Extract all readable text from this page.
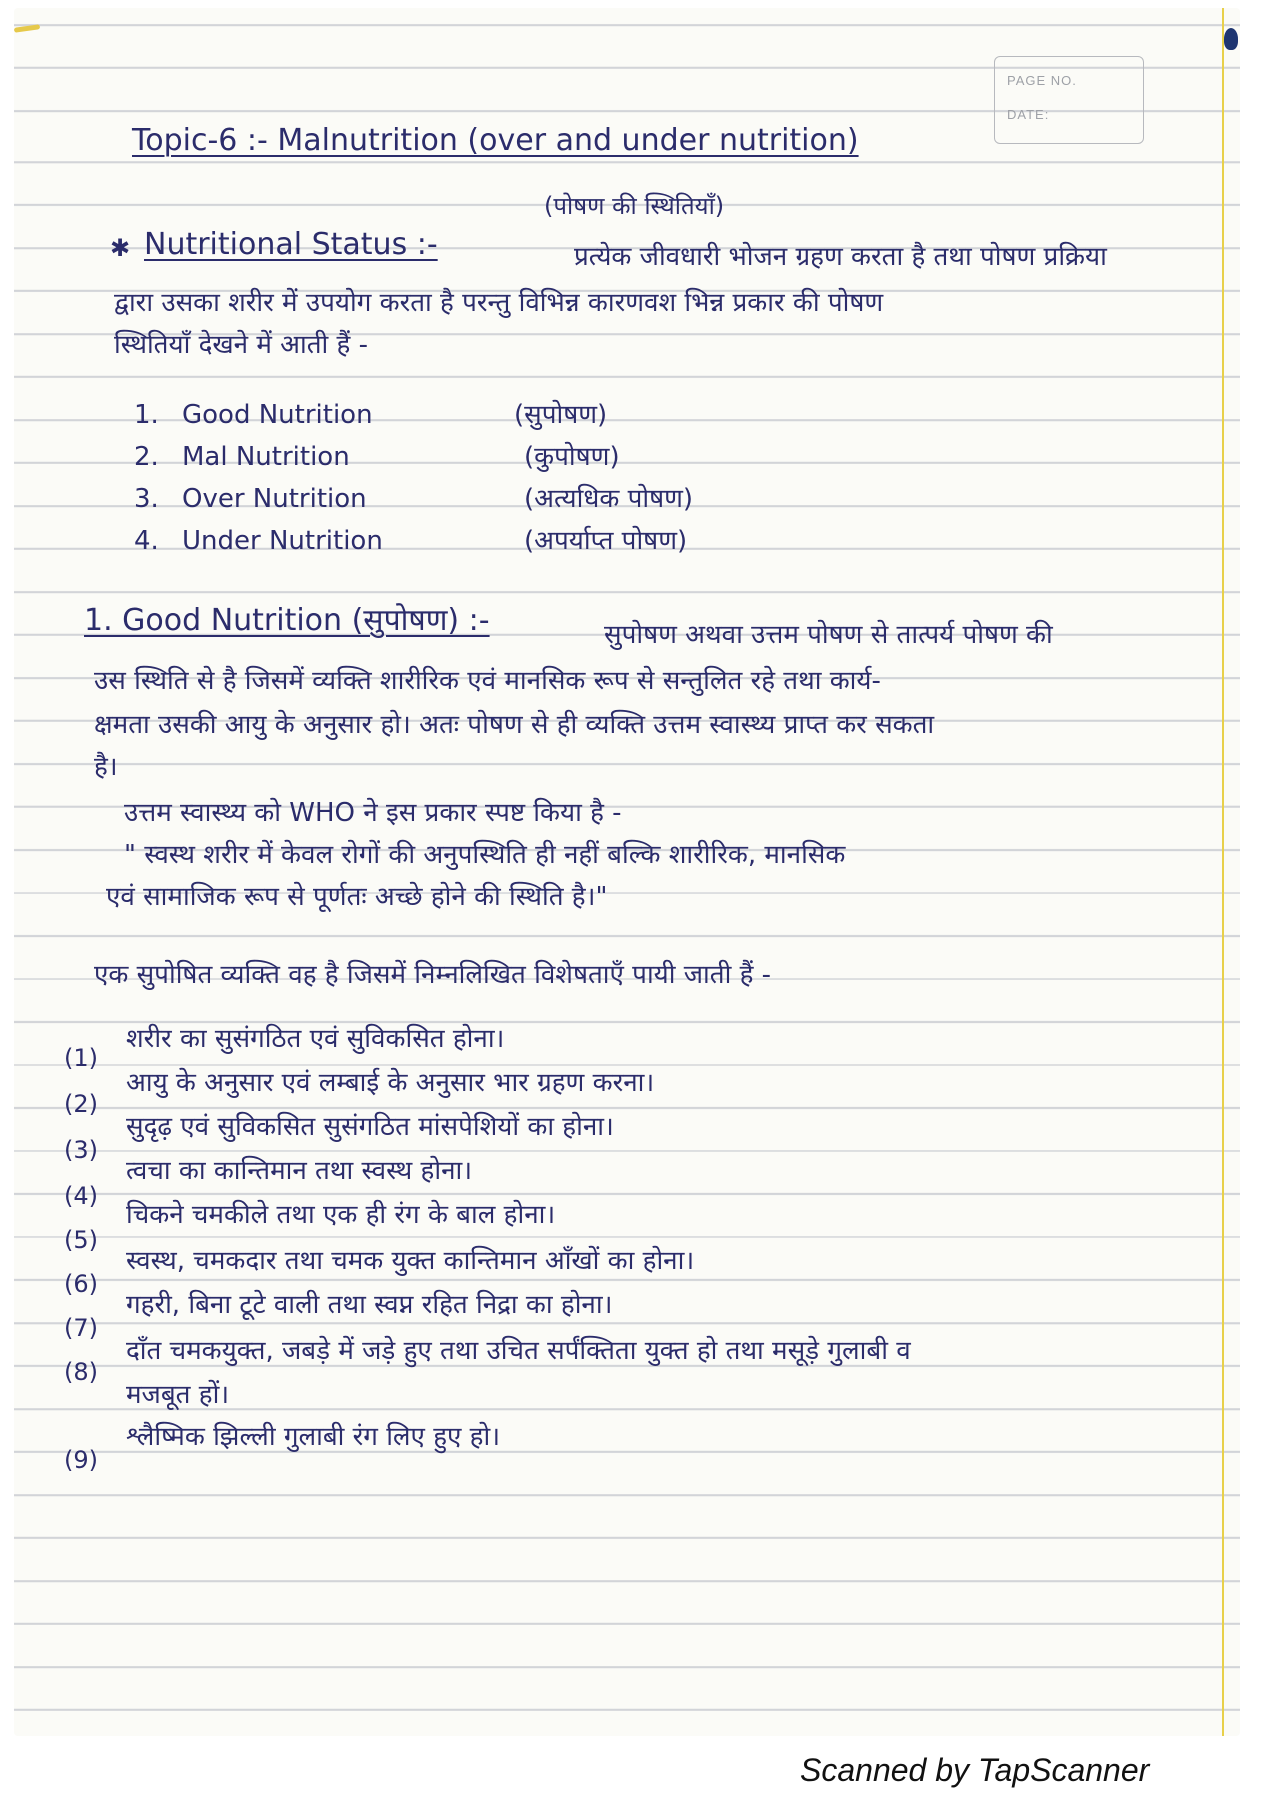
PAGE NO.
DATE:
Topic-6 :- Malnutrition (over and under nutrition)
(पोषण की स्थितियाँ)
✱ Nutritional Status :-	प्रत्येक जीवधारी भोजन ग्रहण करता है तथा पोषण प्रक्रिया
द्वारा उसका शरीर में उपयोग करता है परन्तु विभिन्न कारणवश भिन्न प्रकार की पोषण
स्थितियाँ देखने में आती हैं -
1. Good Nutrition	(सुपोषण)
2. Mal Nutrition	(कुपोषण)
3. Over Nutrition	(अत्यधिक पोषण)
4. Under Nutrition	(अपर्याप्त पोषण)
1. Good Nutrition (सुपोषण) :-	सुपोषण अथवा उत्तम पोषण से तात्पर्य पोषण की
उस स्थिति से है जिसमें व्यक्ति शारीरिक एवं मानसिक रूप से सन्तुलित रहे तथा कार्य-
क्षमता उसकी आयु के अनुसार हो। अतः पोषण से ही व्यक्ति उत्तम स्वास्थ्य प्राप्त कर सकता
है।
उत्तम स्वास्थ्य को WHO ने इस प्रकार स्पष्ट किया है -
" स्वस्थ शरीर में केवल रोगों की अनुपस्थिति ही नहीं बल्कि शारीरिक, मानसिक
एवं सामाजिक रूप से पूर्णतः अच्छे होने की स्थिति है।"
एक सुपोषित व्यक्ति वह है जिसमें निम्नलिखित विशेषताएँ पायी जाती हैं -
(1)
शरीर का सुसंगठित एवं सुविकसित होना।
(2)
आयु के अनुसार एवं लम्बाई के अनुसार भार ग्रहण करना।
(3)
सुदृढ़ एवं सुविकसित सुसंगठित मांसपेशियों का होना।
(4)
त्वचा का कान्तिमान तथा स्वस्थ होना।
(5)
चिकने चमकीले तथा एक ही रंग के बाल होना।
(6)
स्वस्थ, चमकदार तथा चमक युक्त कान्तिमान आँखों का होना।
(7)
गहरी, बिना टूटे वाली तथा स्वप्न रहित निद्रा का होना।
(8)
दाँत चमकयुक्त, जबड़े में जड़े हुए तथा उचित सर्पंक्तिता युक्त हो तथा मसूड़े गुलाबी व
मजबूत हों।
(9)
श्लैष्मिक झिल्ली गुलाबी रंग लिए हुए हो।
Scanned by TapScanner
